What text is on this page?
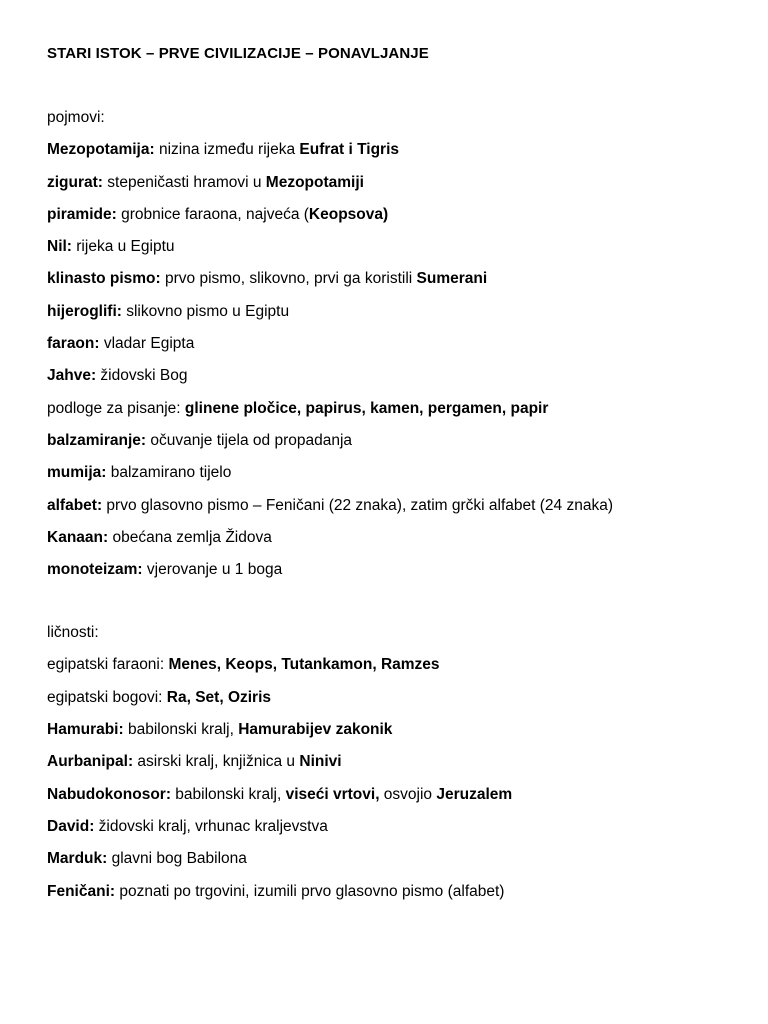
STARI ISTOK – PRVE CIVILIZACIJE – PONAVLJANJE

pojmovi:

Mezopotamija: nizina između rijeka Eufrat i Tigris
zigurat: stepeničasti hramovi u Mezopotamiji
piramide: grobnice faraona, najveća (Keopsova)
Nil: rijeka u Egiptu
klinasto pismo: prvo pismo, slikovno, prvi ga koristili Sumerani
hijeroglifi: slikovno pismo u Egiptu
faraon: vladar Egipta
Jahve: židovski Bog
podloge za pisanje: glinene pločice, papirus, kamen, pergamen, papir
balzamiranje: očuvanje tijela od propadanja
mumija: balzamirano tijelo
alfabet: prvo glasovno pismo – Feničani (22 znaka), zatim grčki alfabet (24 znaka)
Kanaan: obećana zemlja Židova
monoteizam: vjerovanje u 1 boga

ličnosti:

egipatski faraoni: Menes, Keops, Tutankamon, Ramzes
egipatski bogovi: Ra, Set, Oziris
Hamurabi: babilonski kralj, Hamurabijev zakonik
Aurbanipal: asirski kralj, knjižnica u Ninivi
Nabudokonosor: babilonski kralj, viseći vrtovi, osvojio Jeruzalem
David: židovski kralj, vrhunac kraljevstva
Marduk: glavni bog Babilona
Feničani: poznati po trgovini, izumili prvo glasovno pismo (alfabet)
